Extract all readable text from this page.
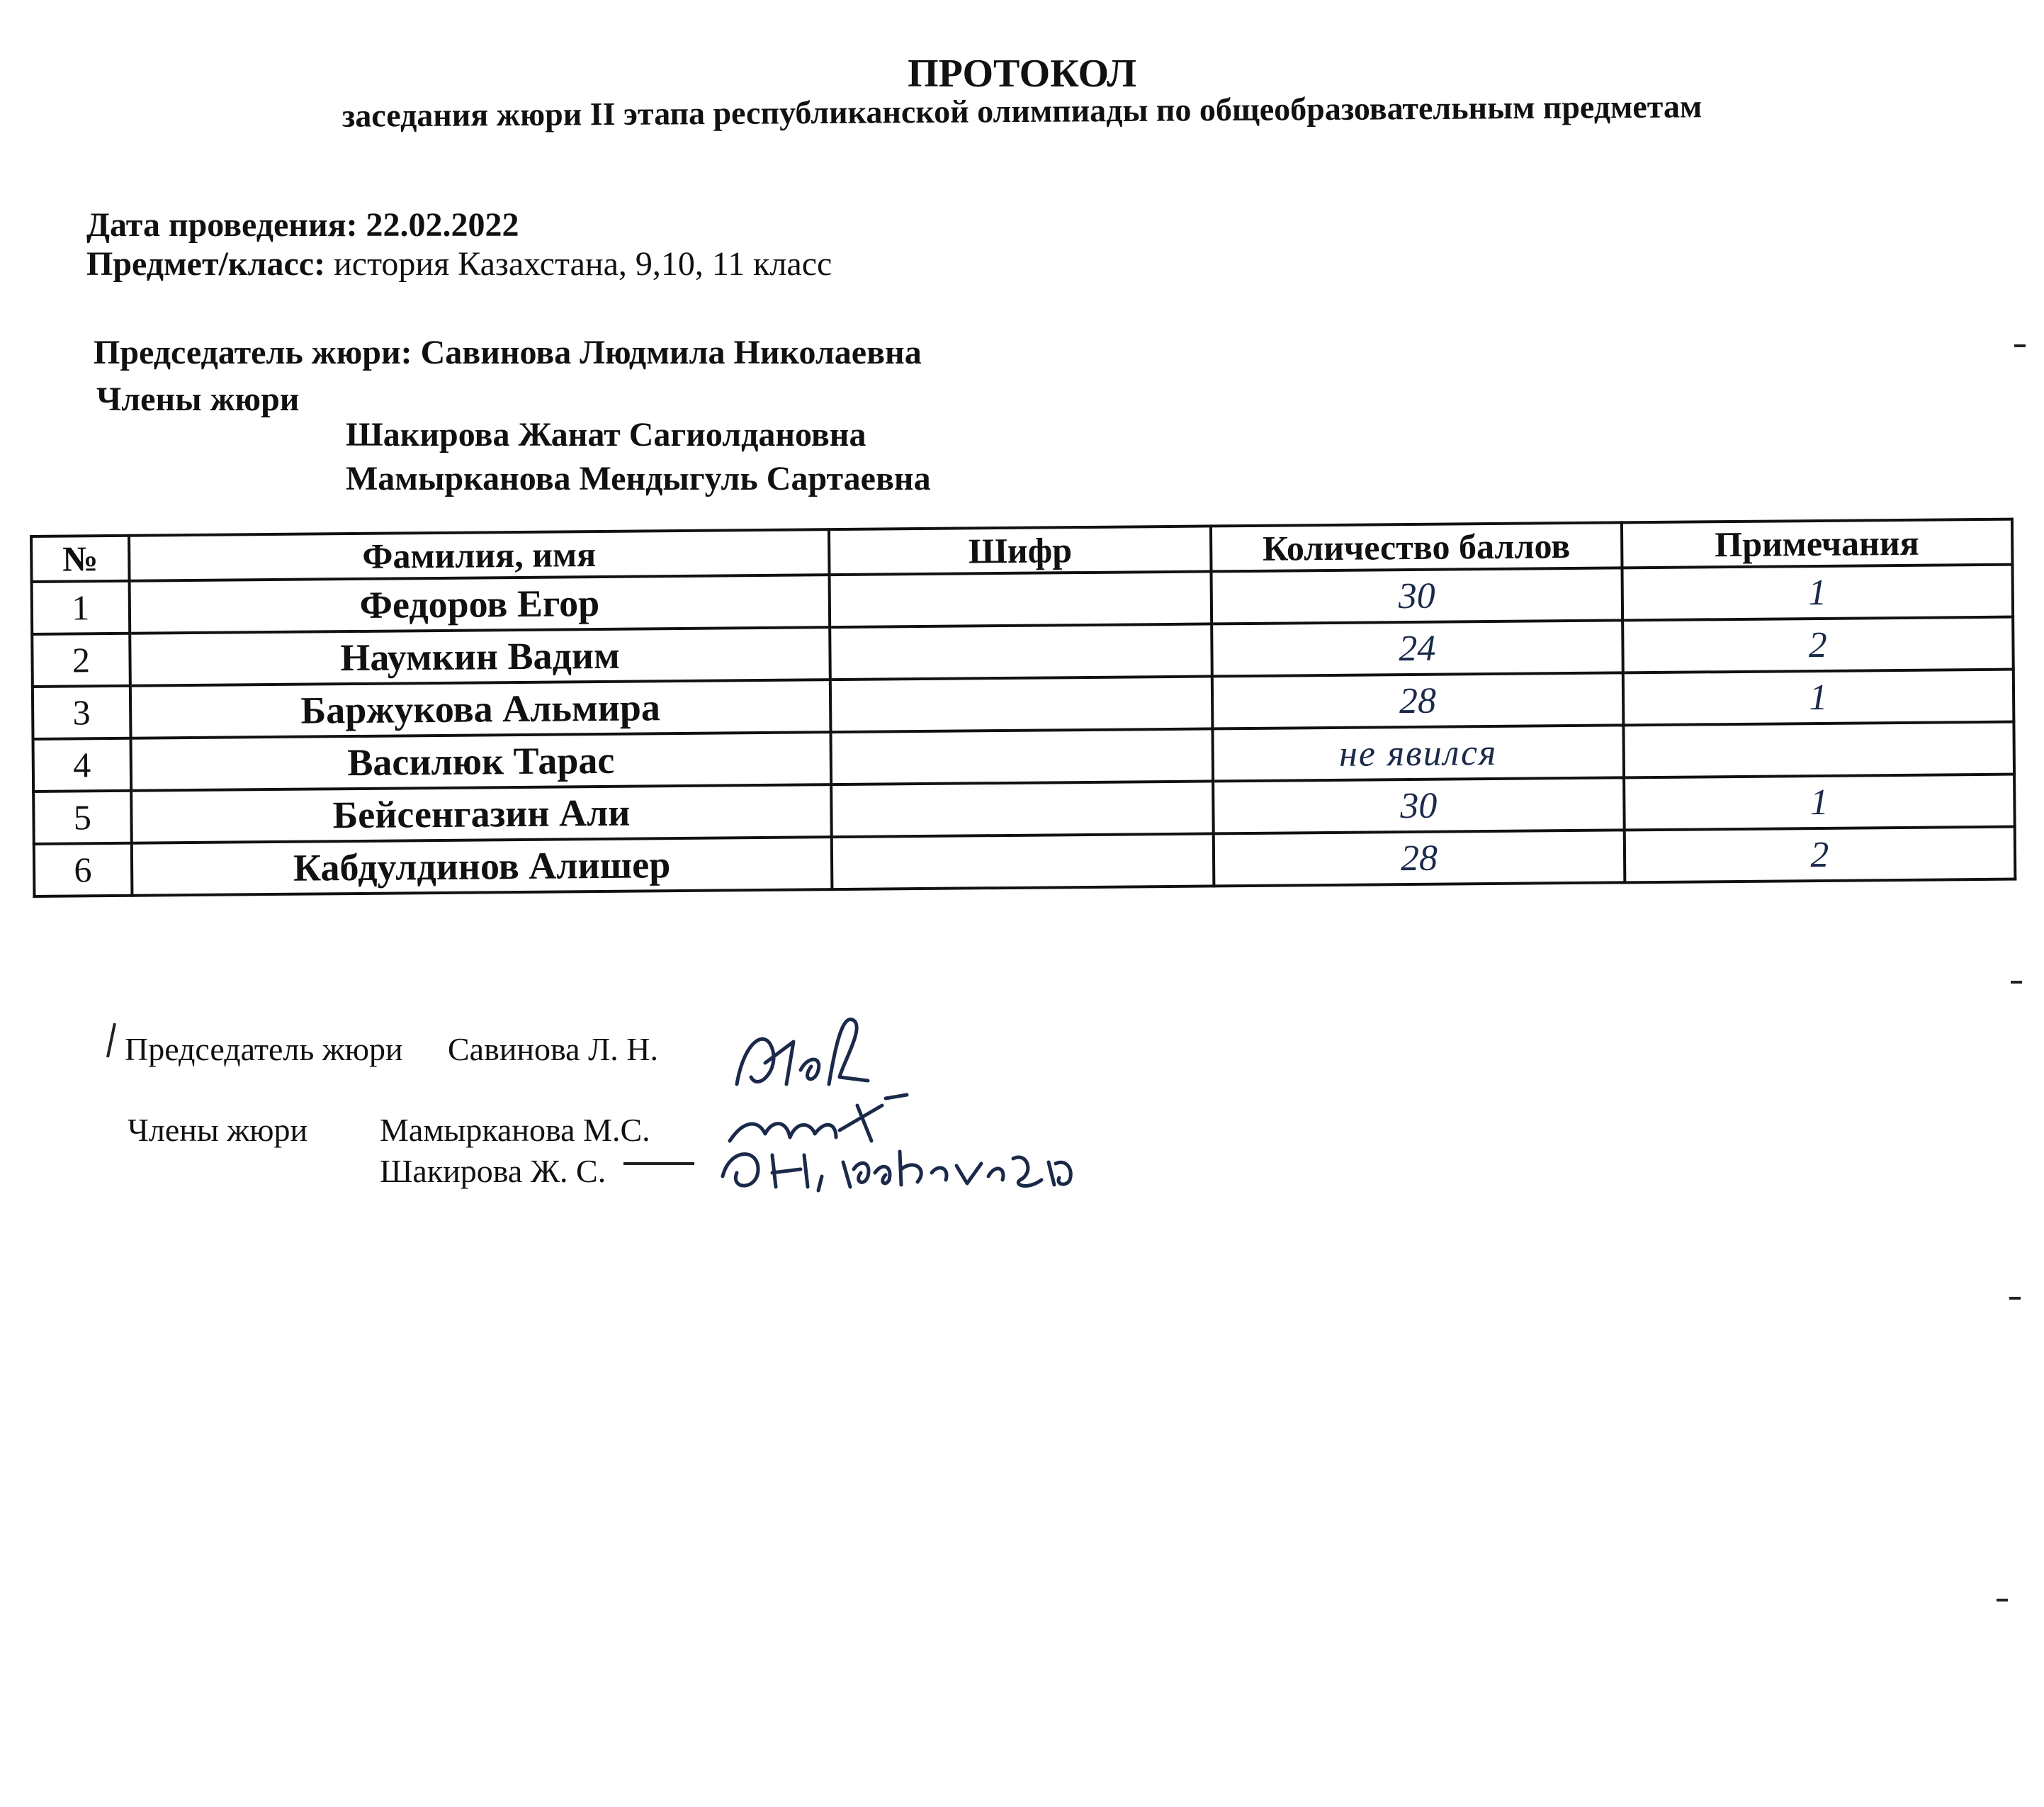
ПРОТОКОЛ
заседания жюри II этапа республиканской олимпиады по общеобразовательным предметам
Дата проведения: 22.02.2022
Предмет/класс: история Казахстана, 9,10, 11 класс
Председатель жюри: Савинова Людмила Николаевна
Члены жюри
Шакирова Жанат Сагиолдановна
Мамырканова Мендыгуль Сартаевна
№	Фамилия, имя	Шифр	Количество баллов	Примечания
1	Федоров Егор		30	1
2	Наумкин Вадим		24	2
3	Баржукова Альмира		28	1
4	Василюк Тарас		не явился	
5	Бейсенгазин Али		30	1
6	Кабдулдинов Алишер		28	2
Председатель жюри Савинова Л. Н.
Члены жюри Мамырканова М.С.
Шакирова Ж. С.
